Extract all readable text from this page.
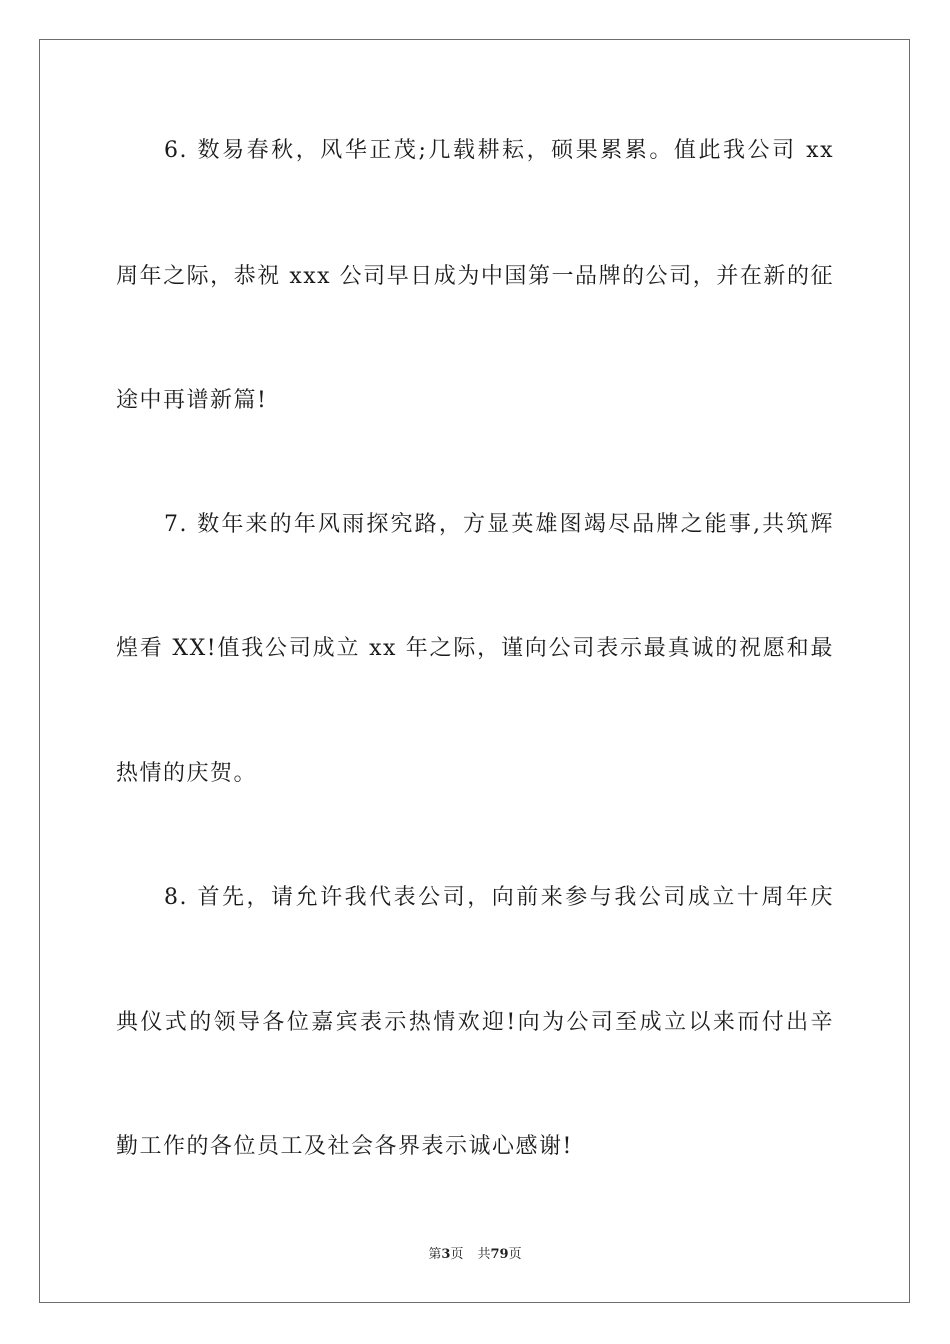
6. 数易春秋，风华正茂;几载耕耘，硕果累累。值此我公司 xx
周年之际，恭祝 xxx 公司早日成为中国第一品牌的公司，并在新的征
途中再谱新篇!
7. 数年来的年风雨探究路，方显英雄图竭尽品牌之能事,共筑辉
煌看 XX!值我公司成立 xx 年之际，谨向公司表示最真诚的祝愿和最
热情的庆贺。
8. 首先，请允许我代表公司，向前来参与我公司成立十周年庆
典仪式的领导各位嘉宾表示热情欢迎!向为公司至成立以来而付出辛
勤工作的各位员工及社会各界表示诚心感谢!
第3页 共79页
